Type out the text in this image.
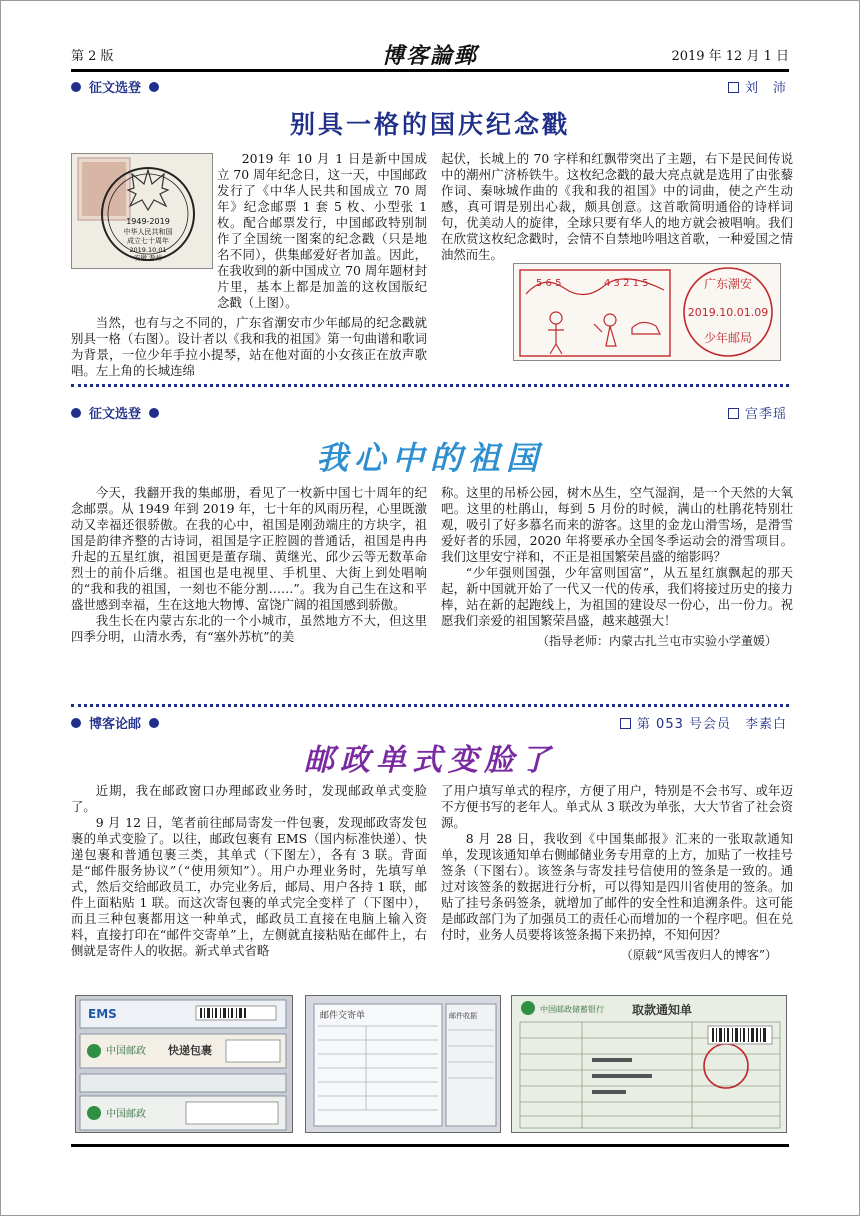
第 2 版	博客論郵	2019 年 12 月 1 日
征文选登	刘　沛
别具一格的国庆纪念戳
1949-2019
中华人民共和国
成立七十周年
2019.10.01
安徽 滁州

2019 年 10 月 1 日是新中国成立 70 周年纪念日，这一天，中国邮政发行了《中华人民共和国成立 70 周年》纪念邮票 1 套 5 枚、小型张 1 枚。配合邮票发行，中国邮政特别制作了全国统一图案的纪念戳（只是地名不同），供集邮爱好者加盖。因此，在我收到的新中国成立 70 周年题材封片里，基本上都是加盖的这枚国版纪念戳（上图）。

当然，也有与之不同的，广东省潮安市少年邮局的纪念戳就别具一格（右图）。设计者以《我和我的祖国》第一句曲谱和歌词为背景，一位少年手拉小提琴，站在他对面的小女孩正在放声歌唱。左上角的长城连绵

起伏，长城上的 70 字样和红飘带突出了主题，右下是民间传说中的潮州广济桥铁牛。这枚纪念戳的最大亮点就是选用了由张藜作词、秦咏城作曲的《我和我的祖国》中的词曲，使之产生动感，真可谓是别出心裁，颇具创意。这首歌简明通俗的诗样词句，优美动人的旋律，全球只要有华人的地方就会被唱响。我们在欣赏这枚纪念戳时，会情不自禁地吟唱这首歌，一种爱国之情油然而生。

5 6 5	4 3 2 1 5	广东潮安
2019.10.01.09
少年邮局
征文选登	宫季瑶
我心中的祖国

今天，我翻开我的集邮册，看见了一枚新中国七十周年的纪念邮票。从 1949 年到 2019 年，七十年的风雨历程，心里既激动又幸福还很骄傲。在我的心中，祖国是刚劲端庄的方块字，祖国是韵律齐整的古诗词，祖国是字正腔圆的普通话，祖国是冉冉升起的五星红旗，祖国更是董存瑞、黄继光、邱少云等无数革命烈士的前仆后继。祖国也是电视里、手机里、大街上到处唱响的“我和我的祖国，一刻也不能分割……”。我为自己生在这和平盛世感到幸福，生在这地大物博、富饶广阔的祖国感到骄傲。

我生长在内蒙古东北的一个小城市，虽然地方不大，但这里四季分明，山清水秀，有“塞外苏杭”的美

称。这里的吊桥公园，树木丛生，空气湿润，是一个天然的大氧吧。这里的杜鹃山，每到 5 月份的时候，满山的杜鹃花特别壮观，吸引了好多慕名而来的游客。这里的金龙山滑雪场，是滑雪爱好者的乐园，2020 年将要承办全国冬季运动会的滑雪项目。我们这里安宁祥和，不正是祖国繁荣昌盛的缩影吗？

“少年强则国强，少年富则国富”，从五星红旗飘起的那天起，新中国就开始了一代又一代的传承，我们将接过历史的接力棒，站在新的起跑线上，为祖国的建设尽一份心，出一份力。祝愿我们亲爱的祖国繁荣昌盛，越来越强大！

（指导老师：内蒙古扎兰屯市实验小学董媛）
博客论邮	第 053 号会员　李素白
邮政单式变脸了

近期，我在邮政窗口办理邮政业务时，发现邮政单式变脸了。

9 月 12 日，笔者前往邮局寄发一件包裹，发现邮政寄发包裹的单式变脸了。以往，邮政包裹有 EMS（国内标准快递）、快递包裹和普通包裹三类，其单式（下图左），各有 3 联。背面是“邮件服务协议”（“使用须知”）。用户办理业务时，先填写单式，然后交给邮政员工，办完业务后，邮局、用户各持 1 联，邮件上面粘贴 1 联。而这次寄包裹的单式完全变样了（下图中），而且三种包裹都用这一种单式，邮政员工直接在电脑上输入资料，直接打印在“邮件交寄单”上，左侧就直接粘贴在邮件上，右侧就是寄件人的收据。新式单式省略

了用户填写单式的程序，方便了用户，特别是不会书写、或年迈不方便书写的老年人。单式从 3 联改为单张，大大节省了社会资源。

8 月 28 日，我收到《中国集邮报》汇来的一张取款通知单，发现该通知单右侧邮储业务专用章的上方，加贴了一枚挂号签条（下图右）。该签条与寄发挂号信使用的签条是一致的。通过对该签条的数据进行分析，可以得知是四川省使用的签条。加贴了挂号条码签条，就增加了邮件的安全性和追溯条件。这可能是邮政部门为了加强员工的责任心而增加的一个程序吧。但在兑付时，业务人员要将该签条揭下来扔掉，不知何因？

（原载“风雪夜归人的博客”）
EMS
中国邮政 快递包裹
中国邮政
邮件交寄单	邮件收据
中国邮政储蓄银行 取款通知单
